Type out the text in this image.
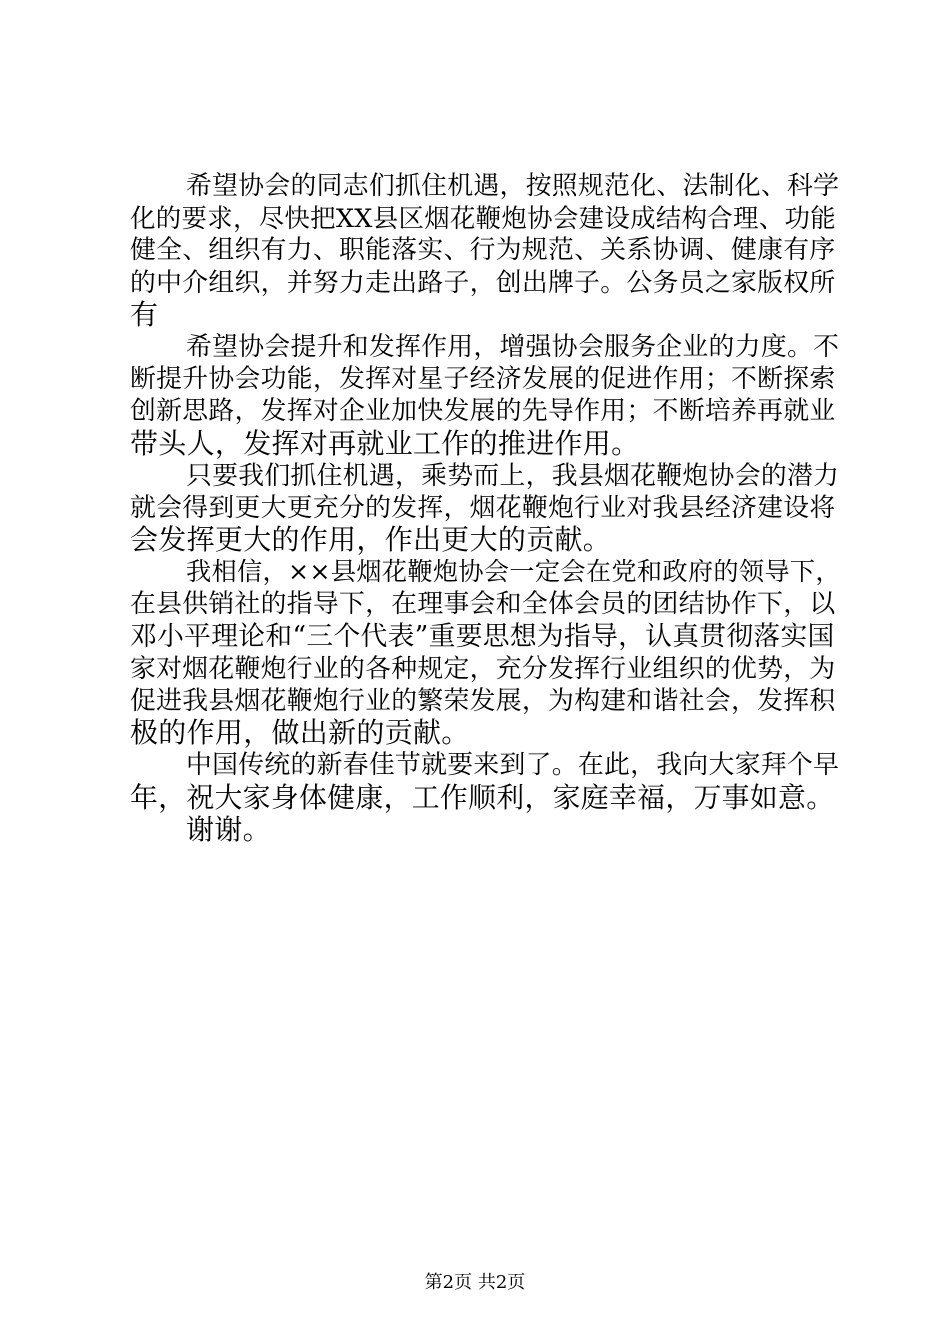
希望协会的同志们抓住机遇，按照规范化、法制化、科学
化的要求，尽快把XX县区烟花鞭炮协会建设成结构合理、功能
健全、组织有力、职能落实、行为规范、关系协调、健康有序
的中介组织，并努力走出路子，创出牌子。公务员之家版权所
有
希望协会提升和发挥作用，增强协会服务企业的力度。不
断提升协会功能，发挥对星子经济发展的促进作用；不断探索
创新思路，发挥对企业加快发展的先导作用；不断培养再就业
带头人，发挥对再就业工作的推进作用。
只要我们抓住机遇，乘势而上，我县烟花鞭炮协会的潜力
就会得到更大更充分的发挥，烟花鞭炮行业对我县经济建设将
会发挥更大的作用，作出更大的贡献。
我相信，××县烟花鞭炮协会一定会在党和政府的领导下，
在县供销社的指导下，在理事会和全体会员的团结协作下，以
邓小平理论和“三个代表”重要思想为指导，认真贯彻落实国
家对烟花鞭炮行业的各种规定，充分发挥行业组织的优势，为
促进我县烟花鞭炮行业的繁荣发展，为构建和谐社会，发挥积
极的作用，做出新的贡献。
中国传统的新春佳节就要来到了。在此，我向大家拜个早
年，祝大家身体健康，工作顺利，家庭幸福，万事如意。
谢谢。
第2页 共2页
